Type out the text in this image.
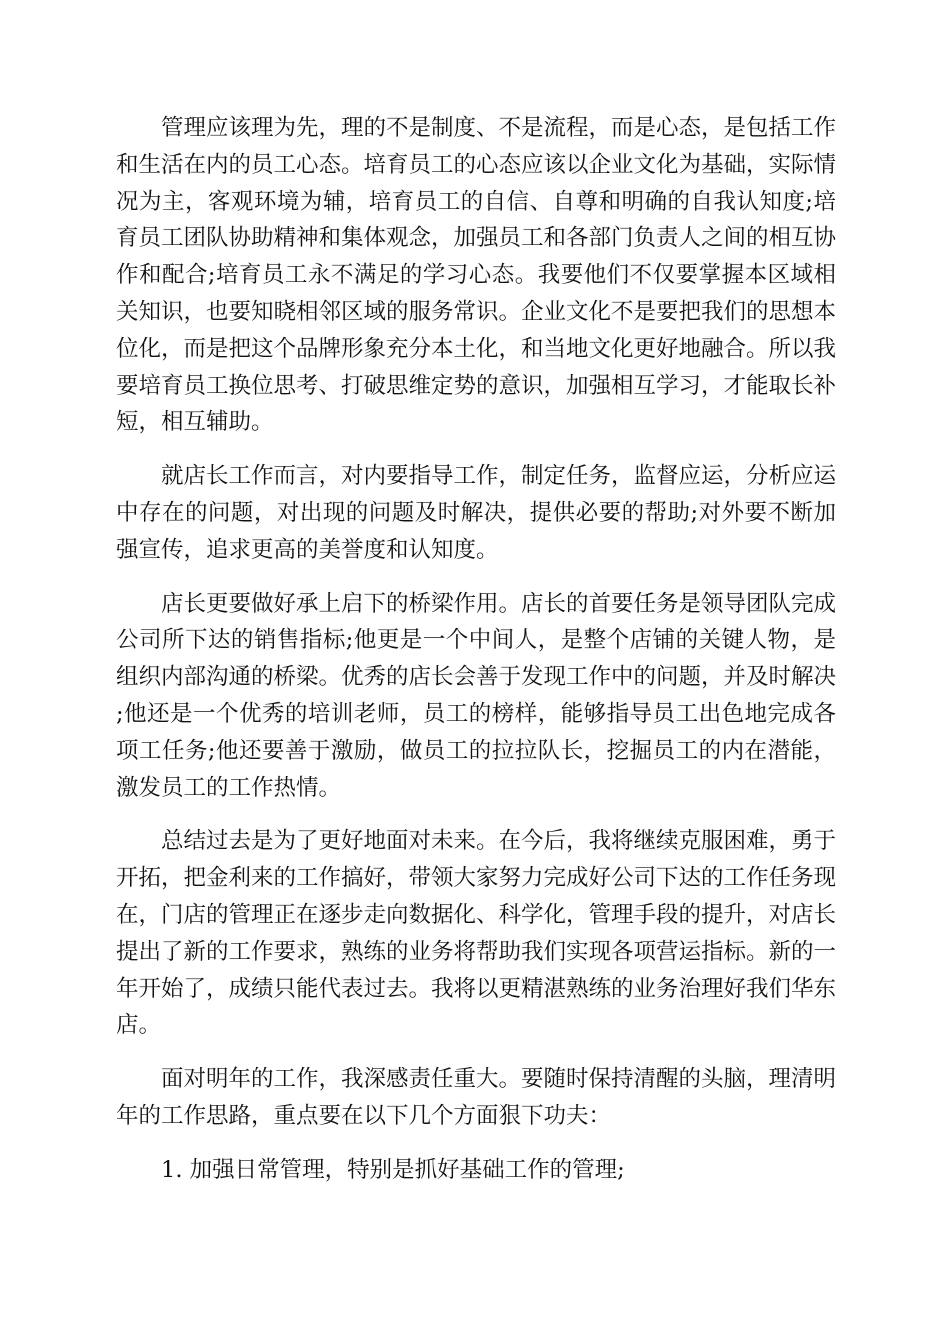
管理应该理为先，理的不是制度、不是流程，而是心态，是包括工作和生活在内的员工心态。培育员工的心态应该以企业文化为基础，实际情况为主，客观环境为辅，培育员工的自信、自尊和明确的自我认知度;培育员工团队协助精神和集体观念，加强员工和各部门负责人之间的相互协作和配合;培育员工永不满足的学习心态。我要他们不仅要掌握本区域相关知识，也要知晓相邻区域的服务常识。企业文化不是要把我们的思想本位化，而是把这个品牌形象充分本土化，和当地文化更好地融合。所以我要培育员工换位思考、打破思维定势的意识，加强相互学习，才能取长补短，相互辅助。

就店长工作而言，对内要指导工作，制定任务，监督应运，分析应运中存在的问题，对出现的问题及时解决，提供必要的帮助;对外要不断加强宣传，追求更高的美誉度和认知度。

店长更要做好承上启下的桥梁作用。店长的首要任务是领导团队完成公司所下达的销售指标;他更是一个中间人，是整个店铺的关键人物，是组织内部沟通的桥梁。优秀的店长会善于发现工作中的问题，并及时解决;他还是一个优秀的培训老师，员工的榜样，能够指导员工出色地完成各项工任务;他还要善于激励，做员工的拉拉队长，挖掘员工的内在潜能，激发员工的工作热情。

总结过去是为了更好地面对未来。在今后，我将继续克服困难，勇于开拓，把金利来的工作搞好，带领大家努力完成好公司下达的工作任务现在，门店的管理正在逐步走向数据化、科学化，管理手段的提升，对店长提出了新的工作要求，熟练的业务将帮助我们实现各项营运指标。新的一年开始了，成绩只能代表过去。我将以更精湛熟练的业务治理好我们华东店。

面对明年的工作，我深感责任重大。要随时保持清醒的头脑，理清明年的工作思路，重点要在以下几个方面狠下功夫：

1. 加强日常管理，特别是抓好基础工作的管理;
